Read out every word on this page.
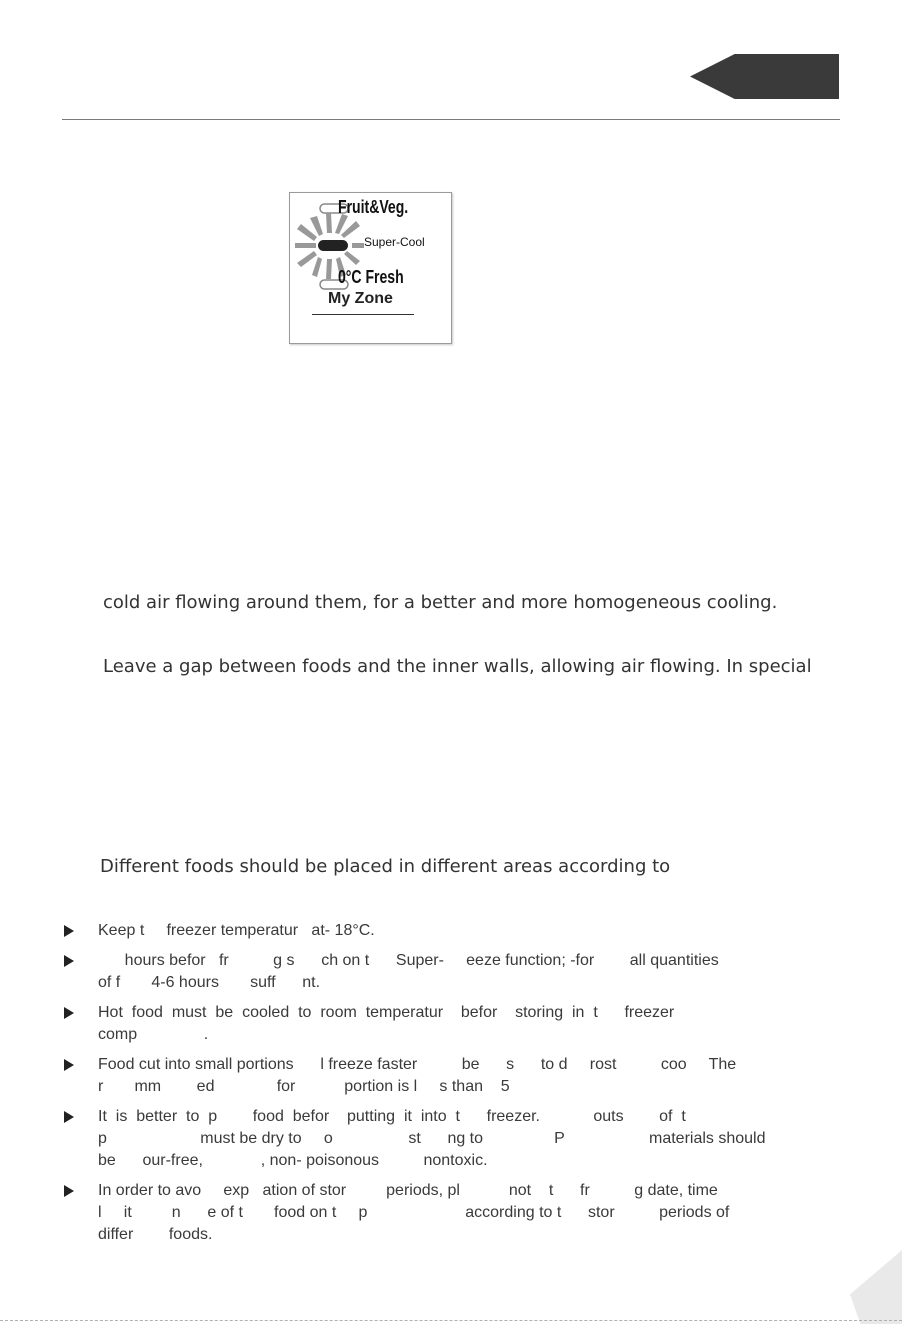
Fruit&Veg.
Super-Cool
0°C Fresh
My Zone
cold air flowing around them, for a better and more homogeneous cooling.
Leave a gap between foods and the inner walls, allowing air flowing. In special
Different foods should be placed in different areas according to
Keep t     freezer temperatur   at- 18°C.
hours befor   fr          g s      ch on t      Super-     eeze function; -for        all quantities
of f       4-6 hours       suff      nt.
Hot  food  must  be  cooled  to  room  temperatur    befor    storing  in  t      freezer
comp               .
Food cut into small portions      l freeze faster          be      s      to d     rost          coo     The
r       mm        ed              for           portion is l     s than    5
It  is  better  to  p        food  befor    putting  it  into  t      freezer.            outs        of  t
p                     must be dry to     o                 st      ng to                P                   materials should
be      our-free,             , non- poisonous          nontoxic.
In order to avo     exp   ation of stor         periods, pl           not    t      fr          g date, time
l     it         n      e of t       food on t     p                      according to t      stor          periods of
differ        foods.
